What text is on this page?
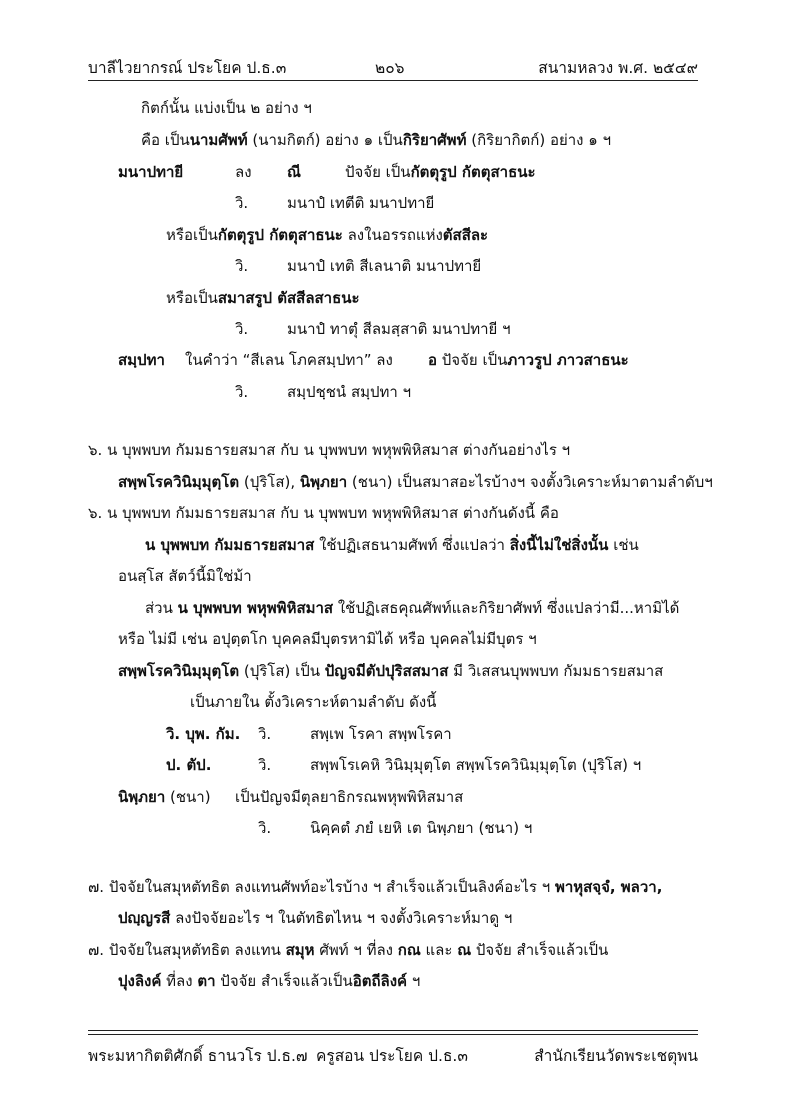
บาลีไวยากรณ์ ประโยค ป.ธ.๓	๒๐๖	สนามหลวง พ.ศ. ๒๕๔๙
กิตก์นั้น แบ่งเป็น ๒ อย่าง ฯ
คือ เป็นนามศัพท์ (นามกิตก์) อย่าง ๑ เป็นกิริยาศัพท์ (กิริยากิตก์) อย่าง ๑ ฯ
มนาปทายี	ลง ณี	ปัจจัย เป็นกัตตุรูป กัตตุสาธนะ
วิ.	มนาปํ เทตีติ มนาปทายี
หรือเป็นกัตตุรูป กัตตุสาธนะ ลงในอรรถแห่งตัสสีละ
วิ.	มนาปํ เทติ สีเลนาติ มนาปทายี
หรือเป็นสมาสรูป ตัสสีลสาธนะ
วิ.	มนาปํ ทาตุํ สีลมสฺสาติ มนาปทายี ฯ
สมฺปทา ในคำว่า “สีเลน โภคสมฺปทา” ลง อ ปัจจัย เป็นภาวรูป ภาวสาธนะ
วิ.	สมฺปชฺชนํ สมฺปทา ฯ
๖. น บุพพบท กัมมธารยสมาส กับ น บุพพบท พหุพพิหิสมาส ต่างกันอย่างไร ฯ
สพฺพโรควินิมฺมุตฺโต (ปุริโส), นิพฺภยา (ชนา) เป็นสมาสอะไรบ้างฯ จงตั้งวิเคราะห์มาตามลำดับฯ
๖. น บุพพบท กัมมธารยสมาส กับ น บุพพบท พหุพพิหิสมาส ต่างกันดังนี้ คือ
น บุพพบท กัมมธารยสมาส ใช้ปฏิเสธนามศัพท์ ซึ่งแปลว่า สิ่งนี้ไม่ใช่สิ่งนั้น เช่น
อนสฺโส สัตว์นี้มิใช่ม้า
ส่วน น บุพพบท พหุพพิหิสมาส ใช้ปฏิเสธคุณศัพท์และกิริยาศัพท์ ซึ่งแปลว่ามี...หามิได้
หรือ ไม่มี เช่น อปุตฺตโก บุคคลมีบุตรหามิได้ หรือ บุคคลไม่มีบุตร ฯ
สพฺพโรควินิมฺมุตฺโต (ปุริโส) เป็น ปัญจมีตัปปุริสสมาส มี วิเสสนบุพพบท กัมมธารยสมาส
เป็นภายใน ตั้งวิเคราะห์ตามลำดับ ดังนี้
วิ. บุพ. กัม. วิ.	สพฺเพ โรคา สพฺพโรคา
ป. ตัป.	วิ.	สพฺพโรเคหิ วินิมฺมุตฺโต สพฺพโรควินิมฺมุตฺโต (ปุริโส) ฯ
นิพฺภยา (ชนา) เป็นปัญจมีตุลยาธิกรณพหุพพิหิสมาส
วิ.	นิคฺคตํ ภยํ เยหิ เต นิพฺภยา (ชนา) ฯ
๗. ปัจจัยในสมุหตัทธิต ลงแทนศัพท์อะไรบ้าง ฯ สำเร็จแล้วเป็นลิงค์อะไร ฯ พาหุสจฺจํ, พลวา,
ปญฺญรสี ลงปัจจัยอะไร ฯ ในตัทธิตไหน ฯ จงตั้งวิเคราะห์มาดู ฯ
๗. ปัจจัยในสมุหตัทธิต ลงแทน สมุห ศัพท์ ฯ ที่ลง กณ และ ณ ปัจจัย สำเร็จแล้วเป็น
ปุงลิงค์ ที่ลง ตา ปัจจัย สำเร็จแล้วเป็นอิตถีลิงค์ ฯ
พระมหากิตติศักดิ์ ธานวโร ป.ธ.๗ ครูสอน ประโยค ป.ธ.๓	สำนักเรียนวัดพระเชตุพน
